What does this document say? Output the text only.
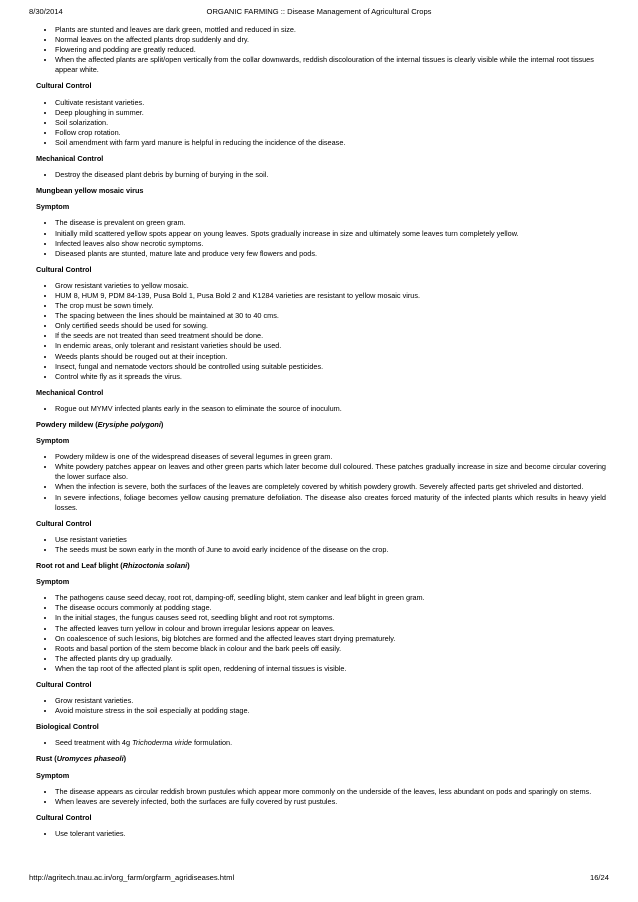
8/30/2014	ORGANIC FARMING :: Disease Management of Agricultural Crops
• Plants are stunted and leaves are dark green, mottled and reduced in size.
• Normal leaves on the affected plants drop suddenly and dry.
• Flowering and podding are greatly reduced.
• When the affected plants are split/open vertically from the collar downwards, reddish discolouration of the internal tissues is clearly visible while the internal root tissues appear white.
Cultural Control
• Cultivate resistant varieties.
• Deep ploughing in summer.
• Soil solarization.
• Follow crop rotation.
• Soil amendment with farm yard manure is helpful in reducing the incidence of the disease.
Mechanical Control
• Destroy the diseased plant debris by burning of burying in the soil.
Mungbean yellow mosaic virus
Symptom
• The disease is prevalent on green gram.
• Initially mild scattered yellow spots appear on young leaves. Spots gradually increase in size and ultimately some leaves turn completely yellow.
• Infected leaves also show necrotic symptoms.
• Diseased plants are stunted, mature late and produce very few flowers and pods.
Cultural Control
• Grow resistant varieties to yellow mosaic.
• HUM 8, HUM 9, PDM 84-139, Pusa Bold 1, Pusa Bold 2 and K1284 varieties are resistant to yellow mosaic virus.
• The crop must be sown timely.
• The spacing between the lines should be maintained at 30 to 40 cms.
• Only certified seeds should be used for sowing.
• If the seeds are not treated than seed treatment should be done.
• In endemic areas, only tolerant and resistant varieties should be used.
• Weeds plants should be rouged out at their inception.
• Insect, fungal and nematode vectors should be controlled using suitable pesticides.
• Control white fly as it spreads the virus.
Mechanical Control
• Rogue out MYMV infected plants early in the season to eliminate the source of inoculum.
Powdery mildew (Erysiphe polygoni)
Symptom
• Powdery mildew is one of the widespread diseases of several legumes in green gram.
• White powdery patches appear on leaves and other green parts which later become dull coloured. These patches gradually increase in size and become circular covering the lower surface also.
• When the infection is severe, both the surfaces of the leaves are completely covered by whitish powdery growth. Severely affected parts get shriveled and distorted.
• In severe infections, foliage becomes yellow causing premature defoliation. The disease also creates forced maturity of the infected plants which results in heavy yield losses.
Cultural Control
• Use resistant varieties
• The seeds must be sown early in the month of June to avoid early incidence of the disease on the crop.
Root rot and Leaf blight (Rhizoctonia solani)
Symptom
• The pathogens cause seed decay, root rot, damping-off, seedling blight, stem canker and leaf blight in green gram.
• The disease occurs commonly at podding stage.
• In the initial stages, the fungus causes seed rot, seedling blight and root rot symptoms.
• The affected leaves turn yellow in colour and brown irregular lesions appear on leaves.
• On coalescence of such lesions, big blotches are formed and the affected leaves start drying prematurely.
• Roots and basal portion of the stem become black in colour and the bark peels off easily.
• The affected plants dry up gradually.
• When the tap root of the affected plant is split open, reddening of internal tissues is visible.
Cultural Control
• Grow resistant varieties.
• Avoid moisture stress in the soil especially at podding stage.
Biological Control
• Seed treatment with 4g Trichoderma viride formulation.
Rust (Uromyces phaseoli)
Symptom
• The disease appears as circular reddish brown pustules which appear more commonly on the underside of the leaves, less abundant on pods and sparingly on stems.
• When leaves are severely infected, both the surfaces are fully covered by rust pustules.
Cultural Control
• Use tolerant varieties.
http://agritech.tnau.ac.in/org_farm/orgfarm_agridiseases.html	16/24
